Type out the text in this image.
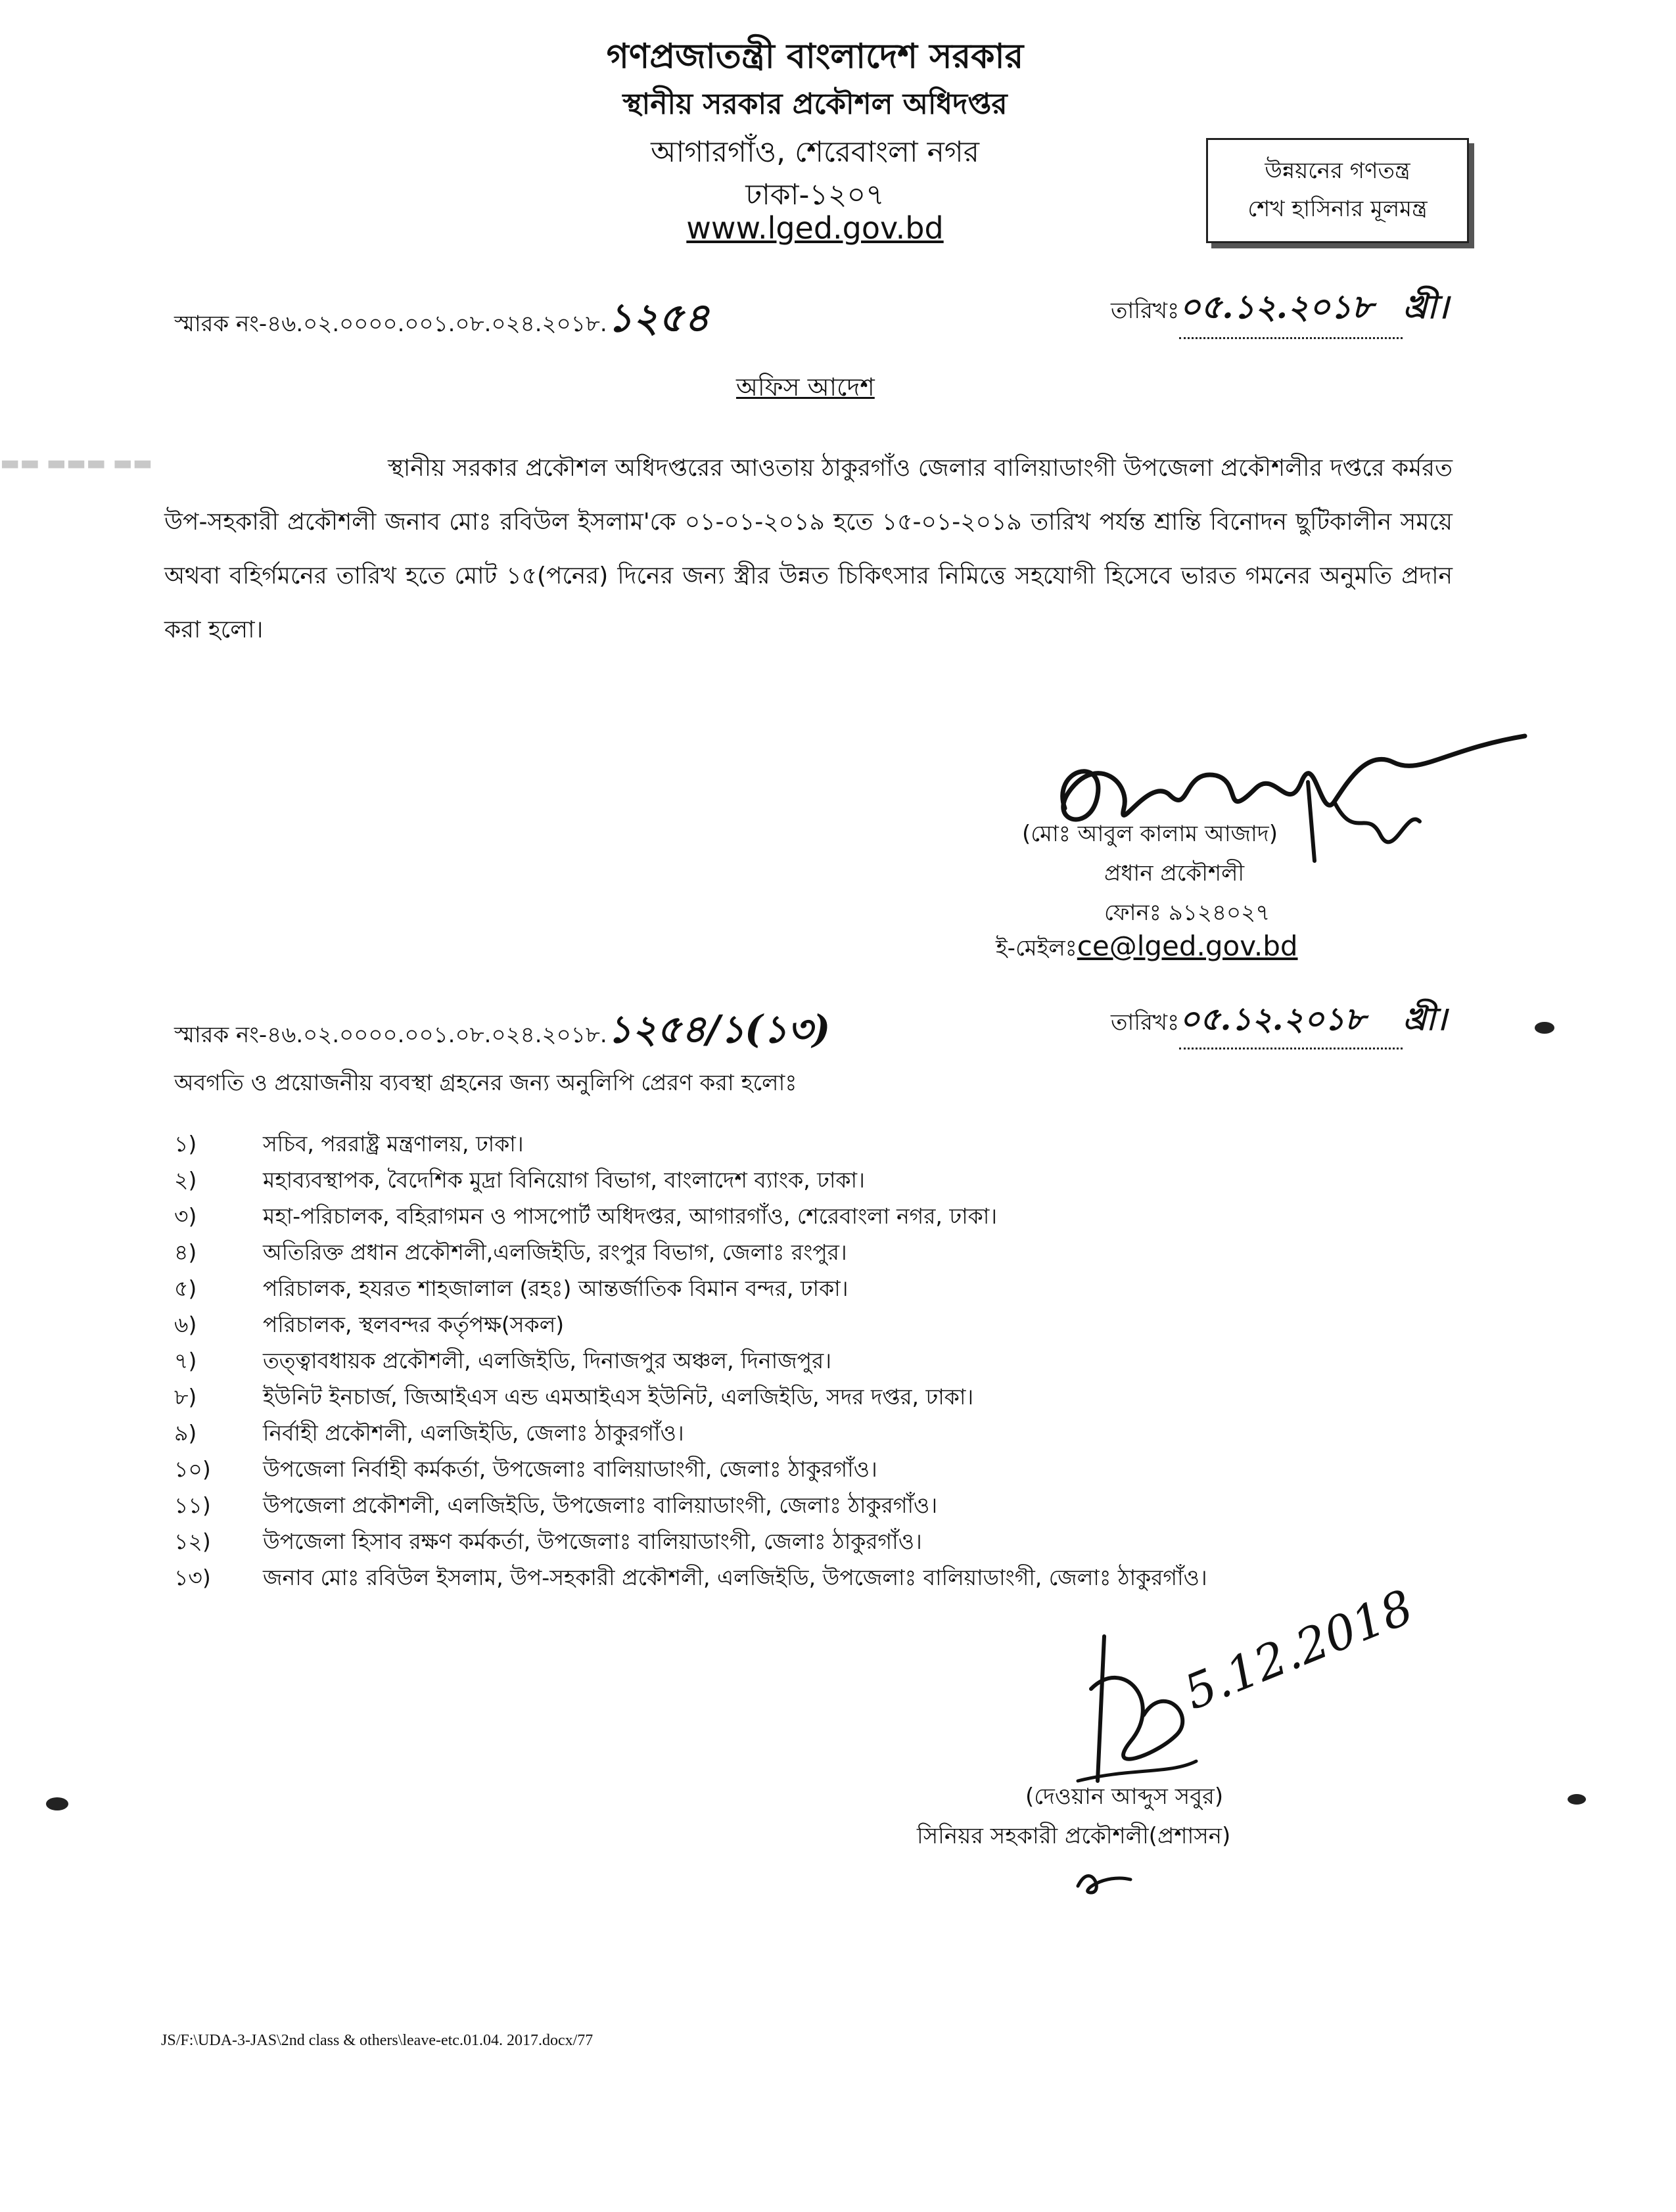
গণপ্রজাতন্ত্রী বাংলাদেশ সরকার
স্থানীয় সরকার প্রকৌশল অধিদপ্তর
আগারগাঁও, শেরেবাংলা নগর
ঢাকা-১২০৭
www.lged.gov.bd
উন্নয়নের গণতন্ত্র
শেখ হাসিনার মূলমন্ত্র
স্মারক নং-৪৬.০২.০০০০.০০১.০৮.০২৪.২০১৮.১২৫৪	তারিখঃ০৫.১২.২০১৮ খ্রী।
অফিস আদেশ
▬▬ ▬▬▬ ▬▬	স্থানীয় সরকার প্রকৌশল অধিদপ্তরের আওতায় ঠাকুরগাঁও জেলার বালিয়াডাংগী উপজেলা প্রকৌশলীর দপ্তরে কর্মরত উপ-সহকারী প্রকৌশলী জনাব মোঃ রবিউল ইসলাম'কে ০১-০১-২০১৯ হতে ১৫-০১-২০১৯ তারিখ পর্যন্ত শ্রান্তি বিনোদন ছুটিকালীন সময়ে অথবা বহির্গমনের তারিখ হতে মোট ১৫(পনের) দিনের জন্য স্ত্রীর উন্নত চিকিৎসার নিমিত্তে সহযোগী হিসেবে ভারত গমনের অনুমতি প্রদান করা হলো।

(মোঃ আবুল কালাম আজাদ)
প্রধান প্রকৌশলী
ফোনঃ ৯১২৪০২৭
ই-মেইলঃce@lged.gov.bd
স্মারক নং-৪৬.০২.০০০০.০০১.০৮.০২৪.২০১৮.১২৫৪/১(১৩)	তারিখঃ০৫.১২.২০১৮ খ্রী।
অবগতি ও প্রয়োজনীয় ব্যবস্থা গ্রহনের জন্য অনুলিপি প্রেরণ করা হলোঃ
১)	সচিব, পররাষ্ট্র মন্ত্রণালয়, ঢাকা।
২)	মহাব্যবস্থাপক, বৈদেশিক মুদ্রা বিনিয়োগ বিভাগ, বাংলাদেশ ব্যাংক, ঢাকা।
৩)	মহা-পরিচালক, বহিরাগমন ও পাসপোর্ট অধিদপ্তর, আগারগাঁও, শেরেবাংলা নগর, ঢাকা।
৪)	অতিরিক্ত প্রধান প্রকৌশলী,এলজিইডি, রংপুর বিভাগ, জেলাঃ রংপুর।
৫)	পরিচালক, হযরত শাহজালাল (রহঃ) আন্তর্জাতিক বিমান বন্দর, ঢাকা।
৬)	পরিচালক, স্থলবন্দর কর্তৃপক্ষ(সকল)
৭)	তত্ত্বাবধায়ক প্রকৌশলী, এলজিইডি, দিনাজপুর অঞ্চল, দিনাজপুর।
৮)	ইউনিট ইনচার্জ, জিআইএস এন্ড এমআইএস ইউনিট, এলজিইডি, সদর দপ্তর, ঢাকা।
৯)	নির্বাহী প্রকৌশলী, এলজিইডি, জেলাঃ ঠাকুরগাঁও।
১০)	উপজেলা নির্বাহী কর্মকর্তা, উপজেলাঃ বালিয়াডাংগী, জেলাঃ ঠাকুরগাঁও।
১১)	উপজেলা প্রকৌশলী, এলজিইডি, উপজেলাঃ বালিয়াডাংগী, জেলাঃ ঠাকুরগাঁও।
১২)	উপজেলা হিসাব রক্ষণ কর্মকর্তা, উপজেলাঃ বালিয়াডাংগী, জেলাঃ ঠাকুরগাঁও।
১৩)	জনাব মোঃ রবিউল ইসলাম, উপ-সহকারী প্রকৌশলী, এলজিইডি, উপজেলাঃ বালিয়াডাংগী, জেলাঃ ঠাকুরগাঁও।
5.12.2018
(দেওয়ান আব্দুস সবুর)
সিনিয়র সহকারী প্রকৌশলী(প্রশাসন)
JS/F:\UDA-3-JAS\2nd class & others\leave-etc.01.04. 2017.docx/77
